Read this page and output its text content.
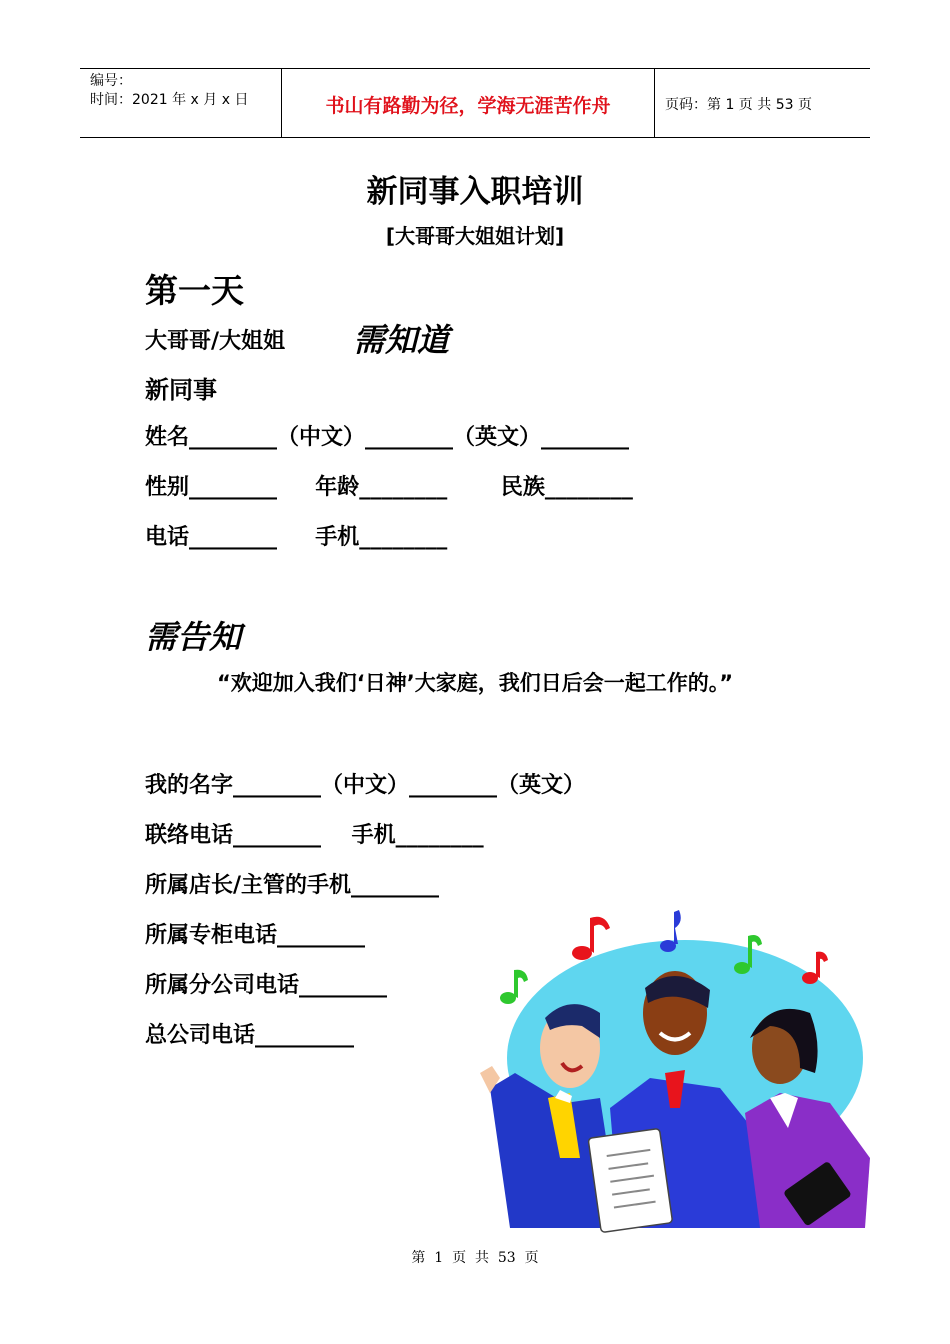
编号：
时间：2021 年 x 月 x 日	书山有路勤为径，学海无涯苦作舟	页码：第 1 页 共 53 页
新同事入职培训
[大哥哥大姐姐计划]
第一天
大哥哥/大姐姐 需知道
新同事
姓名________（中文）________（英文）________
性别________     年龄________       民族________
电话________     手机________
需告知
“欢迎加入我们‘日神’大家庭，我们日后会一起工作的。”
我的名字________（中文）________（英文）
联络电话________    手机________
所属店长/主管的手机________
所属专柜电话________
所属分公司电话________
总公司电话_________
第  1  页  共  53  页
